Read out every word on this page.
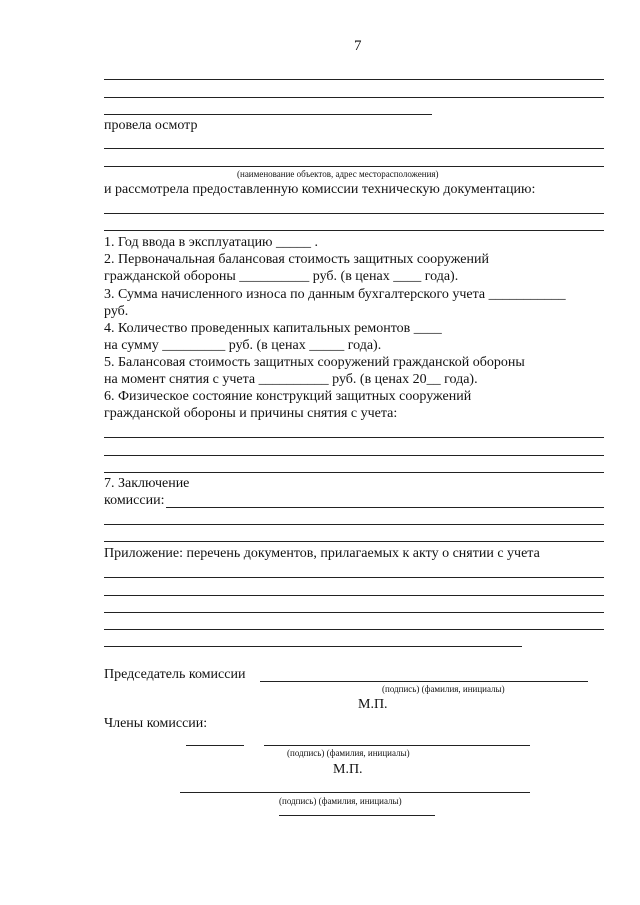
7
провела осмотр
(наименование объектов, адрес месторасположения)
и рассмотрела предоставленную комиссии техническую документацию:
1. Год ввода в эксплуатацию _____ .
2. Первоначальная балансовая стоимость защитных сооружений
гражданской обороны __________ руб. (в ценах ____ года).
3. Сумма начисленного износа по данным бухгалтерского учета ___________
руб.
4. Количество проведенных капитальных ремонтов ____
на сумму _________ руб. (в ценах _____ года).
5. Балансовая стоимость защитных сооружений гражданской обороны
на момент снятия с учета __________ руб. (в ценах 20__ года).
6. Физическое состояние конструкций защитных сооружений
гражданской обороны и причины снятия с учета:
7. Заключение
комиссии:
Приложение: перечень документов, прилагаемых к акту о снятии с учета
Председатель комиссии
(подпись) (фамилия, инициалы)
М.П.
Члены комиссии:
(подпись) (фамилия, инициалы)
М.П.
(подпись) (фамилия, инициалы)
